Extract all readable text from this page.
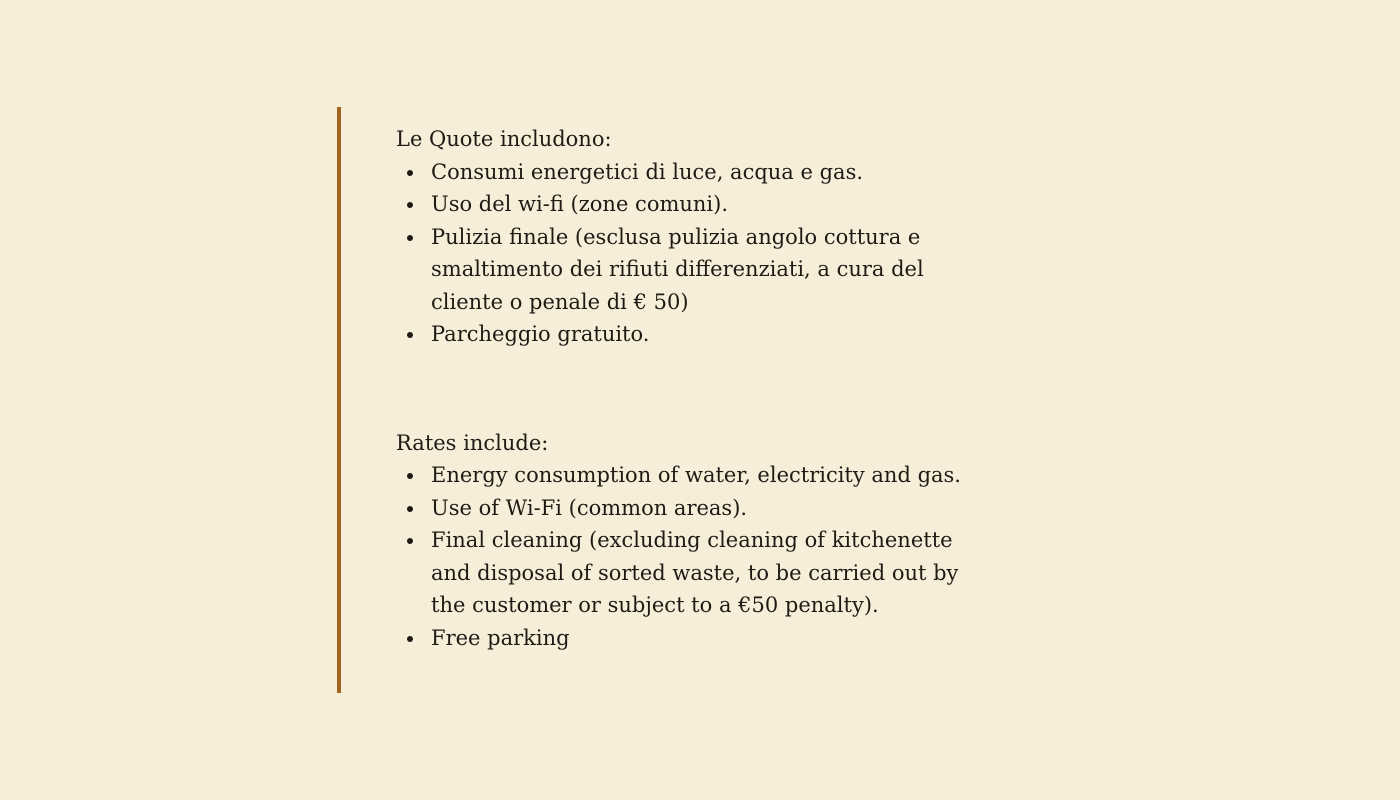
Le Quote includono:

Consumi energetici di luce, acqua e gas.
Uso del wi-fi (zone comuni).
Pulizia finale (esclusa pulizia angolo cottura e smaltimento dei rifiuti differenziati, a cura del cliente o penale di € 50)
Parcheggio gratuito.

Rates include:

Energy consumption of water, electricity and gas.
Use of Wi-Fi (common areas).
Final cleaning (excluding cleaning of kitchenette and disposal of sorted waste, to be carried out by the customer or subject to a €50 penalty).
Free parking
